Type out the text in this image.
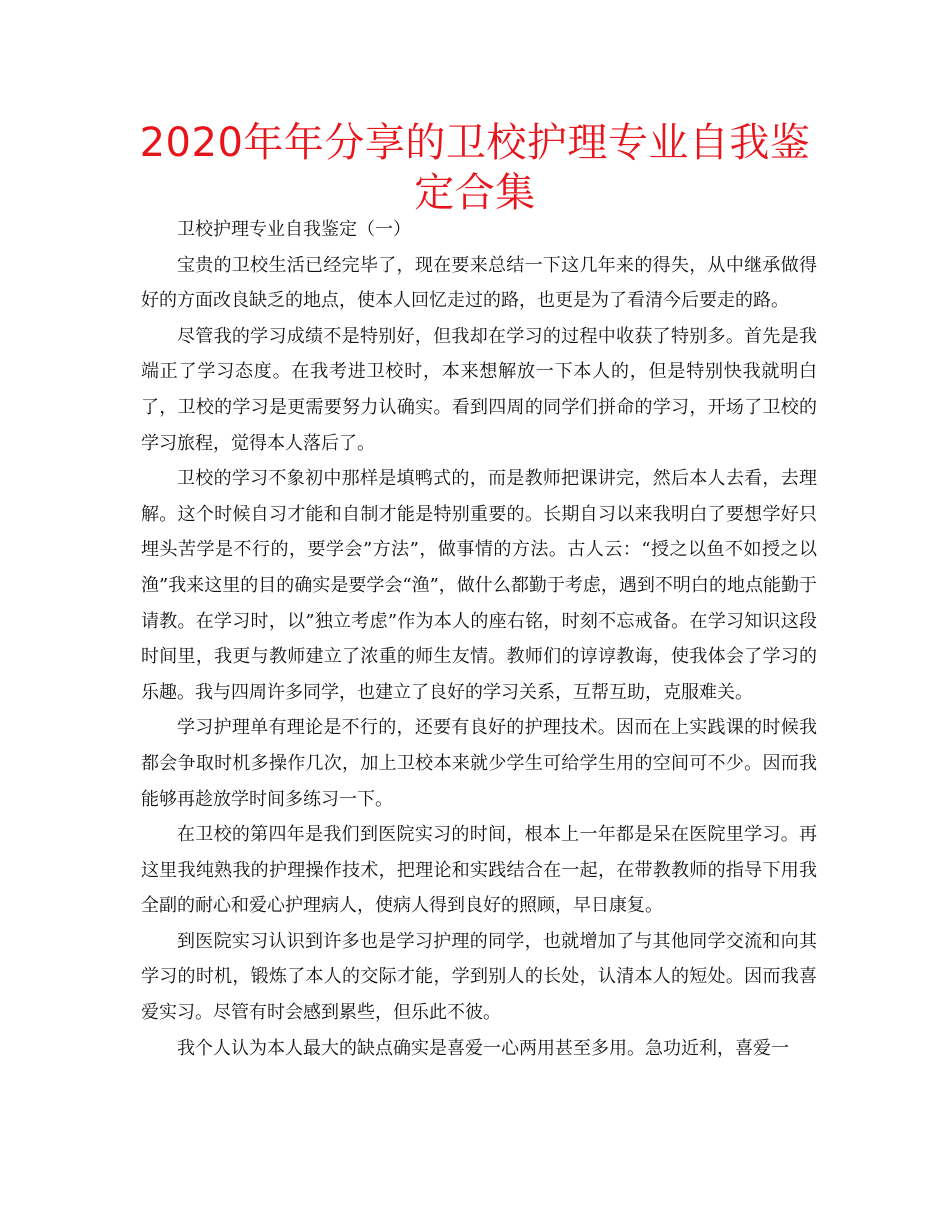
2020年年分享的卫校护理专业自我鉴定合集

卫校护理专业自我鉴定（一）

宝贵的卫校生活已经完毕了，现在要来总结一下这几年来的得失，从中继承做得好的方面改良缺乏的地点，使本人回忆走过的路，也更是为了看清今后要走的路。

尽管我的学习成绩不是特别好，但我却在学习的过程中收获了特别多。首先是我端正了学习态度。在我考进卫校时，本来想解放一下本人的，但是特别快我就明白了，卫校的学习是更需要努力认确实。看到四周的同学们拼命的学习，开场了卫校的学习旅程，觉得本人落后了。

卫校的学习不象初中那样是填鸭式的，而是教师把课讲完，然后本人去看，去理解。这个时候自习才能和自制才能是特别重要的。长期自习以来我明白了要想学好只埋头苦学是不行的，要学会”方法”，做事情的方法。古人云：“授之以鱼不如授之以渔”我来这里的目的确实是要学会“渔”，做什么都勤于考虑，遇到不明白的地点能勤于请教。在学习时，以”独立考虑”作为本人的座右铭，时刻不忘戒备。在学习知识这段时间里，我更与教师建立了浓重的师生友情。教师们的谆谆教诲，使我体会了学习的乐趣。我与四周许多同学，也建立了良好的学习关系，互帮互助，克服难关。

学习护理单有理论是不行的，还要有良好的护理技术。因而在上实践课的时候我都会争取时机多操作几次，加上卫校本来就少学生可给学生用的空间可不少。因而我能够再趁放学时间多练习一下。

在卫校的第四年是我们到医院实习的时间，根本上一年都是呆在医院里学习。再这里我纯熟我的护理操作技术，把理论和实践结合在一起，在带教教师的指导下用我全副的耐心和爱心护理病人，使病人得到良好的照顾，早日康复。

到医院实习认识到许多也是学习护理的同学，也就增加了与其他同学交流和向其学习的时机，锻炼了本人的交际才能，学到别人的长处，认清本人的短处。因而我喜爱实习。尽管有时会感到累些，但乐此不彼。

我个人认为本人最大的缺点确实是喜爱一心两用甚至多用。急功近利，喜爱一
